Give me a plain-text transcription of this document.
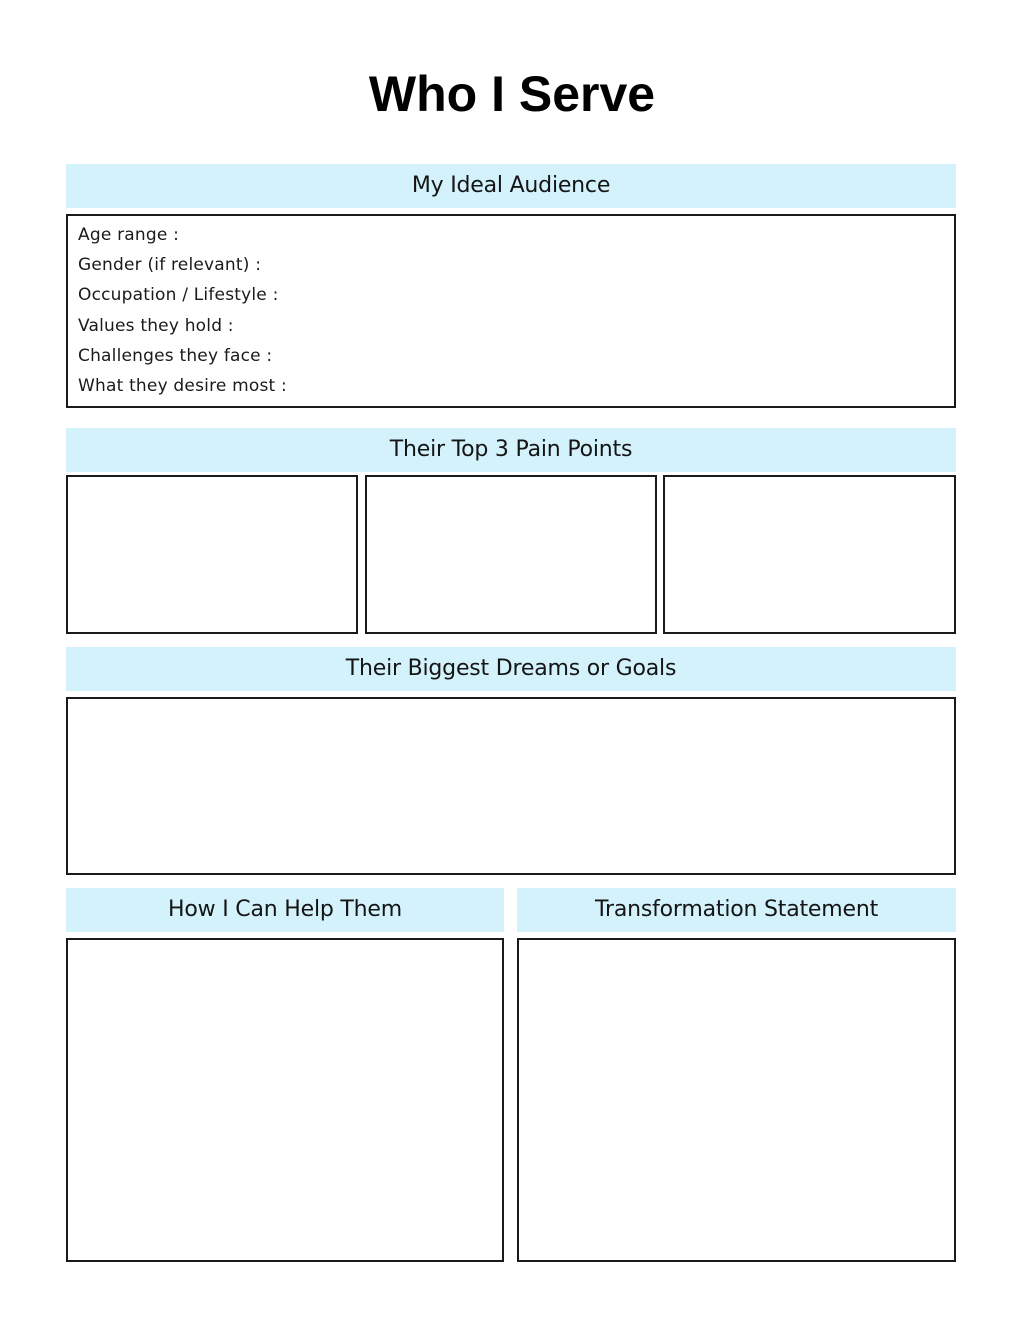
Who I Serve
My Ideal Audience
Age range :
Gender (if relevant) :
Occupation / Lifestyle :
Values they hold :
Challenges they face :
What they desire most :
Their Top 3 Pain Points
Their Biggest Dreams or Goals
How I Can Help Them	Transformation Statement
